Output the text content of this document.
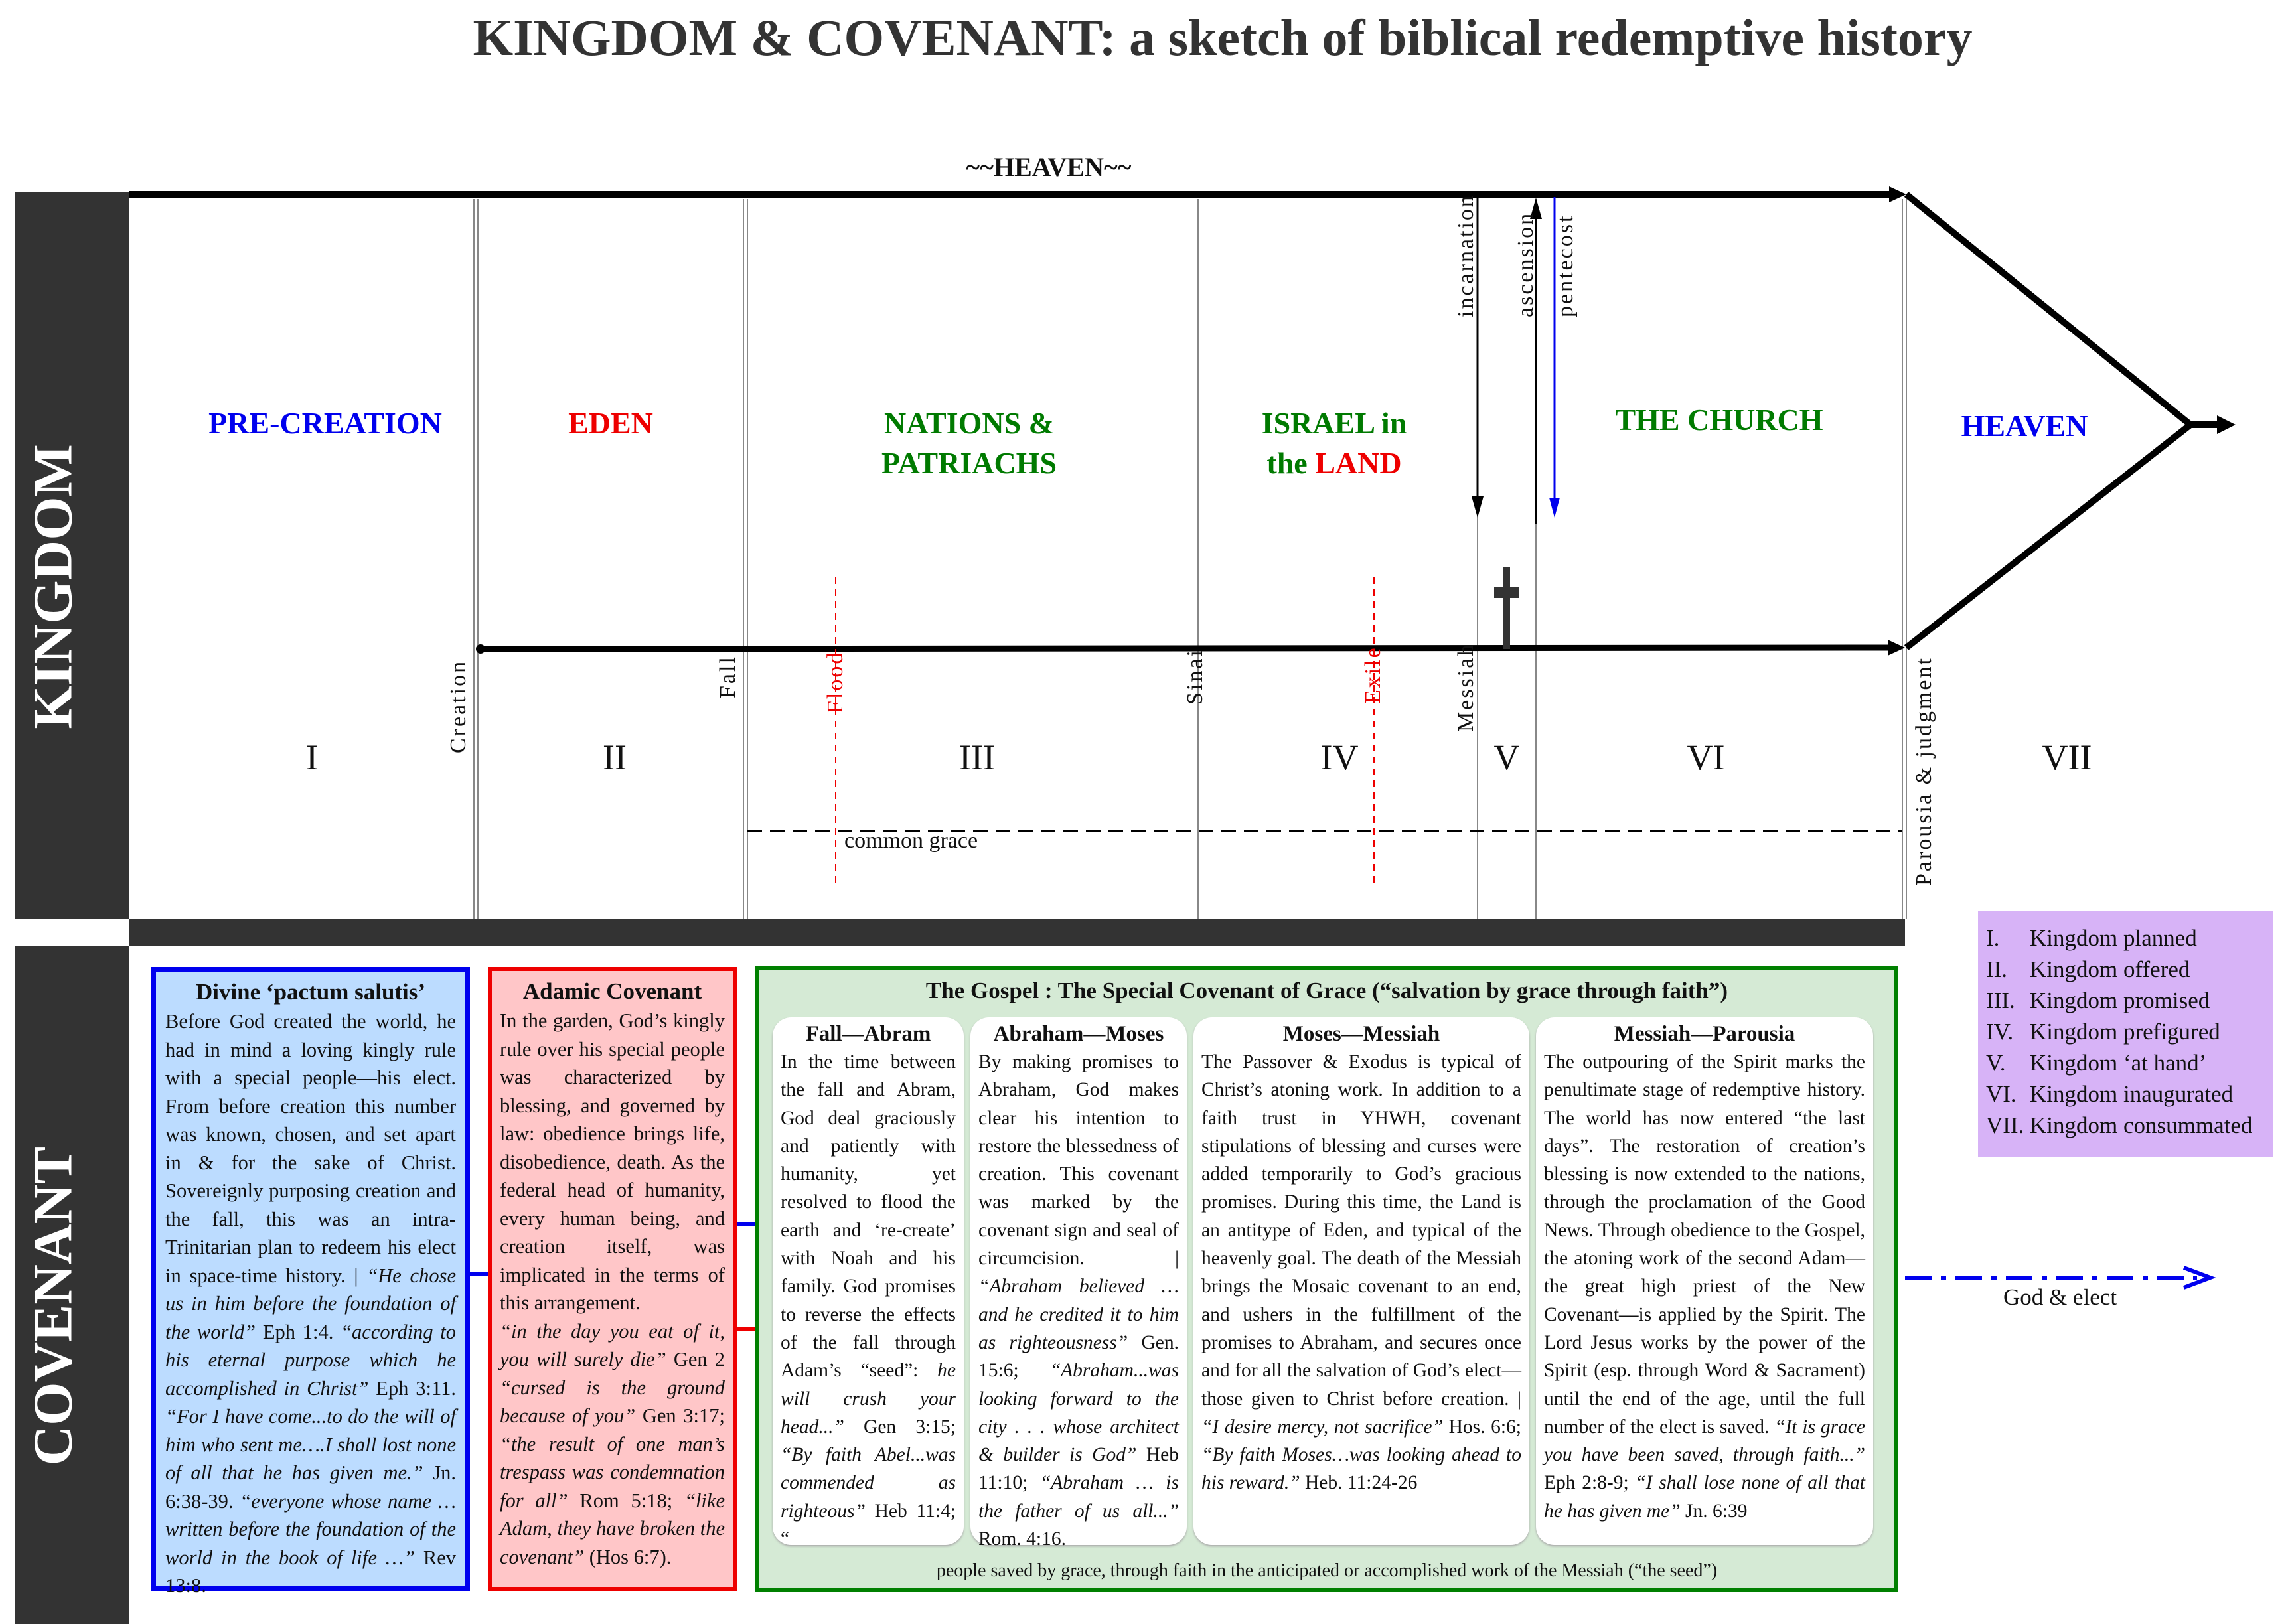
KINGDOM & COVENANT: a sketch of biblical redemptive history
KINGDOM
COVENANT
~~HEAVEN~~
PRE-CREATION	EDEN	NATIONS &
PATRIACHS
ISRAEL in
the LAND
THE CHURCH	HEAVEN
Creation	Fall	Flood	Sinai	Exile	Messiah
incarnation ascension pentecost
Parousia & judgment
I	II	III	IV	V	VI	VII
common grace
I. Kingdom planned
II. Kingdom offered
III. Kingdom promised
IV. Kingdom prefigured
V. Kingdom ‘at hand’
VI. Kingdom inaugurated
VII. Kingdom consummated
Divine ‘pactum salutis’
Before God created the world, he had in mind a loving kingly rule with a special people—his elect. From before creation this number was known, chosen, and set apart in & for the sake of Christ. Sovereignly purposing creation and the fall, this was an intra-Trinitarian plan to redeem his elect in space-time history. | “He chose us in him before the foundation of the world” Eph 1:4. “according to his eternal purpose which he accomplished in Christ” Eph 3:11. “For I have come...to do the will of him who sent me….I shall lost none of all that he has given me.” Jn. 6:38-39. “everyone whose name … written before the foundation of the world in the book of life …” Rev 13:8.
Adamic Covenant
In the garden, God’s kingly rule over his special people was characterized by blessing, and governed by law: obedience brings life, disobedience, death. As the federal head of humanity, every human being, and creation itself, was implicated in the terms of this arrangement.
“in the day you eat of it, you will surely die” Gen 2 “cursed is the ground because of you” Gen 3:17; “the result of one man’s trespass was condemnation for all” Rom 5:18; “like Adam, they have broken the covenant” (Hos 6:7).
The Gospel : The Special Covenant of Grace (“salvation by grace through faith”)
Fall—Abram
In the time between the fall and Abram, God deal graciously and patiently with humanity, yet resolved to flood the earth and ‘re-create’ with Noah and his family. God promises to reverse the effects of the fall through Adam’s “seed”: he will crush your head...” Gen 3:15; “By faith Abel...was commended as righteous” Heb 11:4; “
Abraham—Moses
By making promises to Abraham, God makes clear his intention to restore the blessedness of creation. This covenant was marked by the covenant sign and seal of circumcision. | “Abraham believed … and he credited it to him as righteousness” Gen. 15:6; “Abraham...was looking forward to the city . . . whose architect & builder is God” Heb 11:10; “Abraham … is the father of us all...” Rom. 4:16.
Moses—Messiah
The Passover & Exodus is typical of Christ’s atoning work. In addition to a faith trust in YHWH, covenant stipulations of blessing and curses were added temporarily to God’s gracious promises. During this time, the Land is an antitype of Eden, and typical of the heavenly goal. The death of the Messiah brings the Mosaic covenant to an end, and ushers in the fulfillment of the promises to Abraham, and secures once and for all the salvation of God’s elect—those given to Christ before creation. | “I desire mercy, not sacrifice” Hos. 6:6; “By faith Moses…was looking ahead to his reward.” Heb. 11:24-26
Messiah—Parousia
The outpouring of the Spirit marks the penultimate stage of redemptive history. The world has now entered “the last days”. The restoration of creation’s blessing is now extended to the nations, through the proclamation of the Good News. Through obedience to the Gospel, the atoning work of the second Adam—the great high priest of the New Covenant—is applied by the Spirit. The Lord Jesus works by the power of the Spirit (esp. through Word & Sacrament) until the end of the age, until the full number of the elect is saved. “It is grace you have been saved, through faith...” Eph 2:8-9; “I shall lose none of all that he has given me” Jn. 6:39
people saved by grace, through faith in the anticipated or accomplished work of the Messiah (“the seed”)
God & elect
